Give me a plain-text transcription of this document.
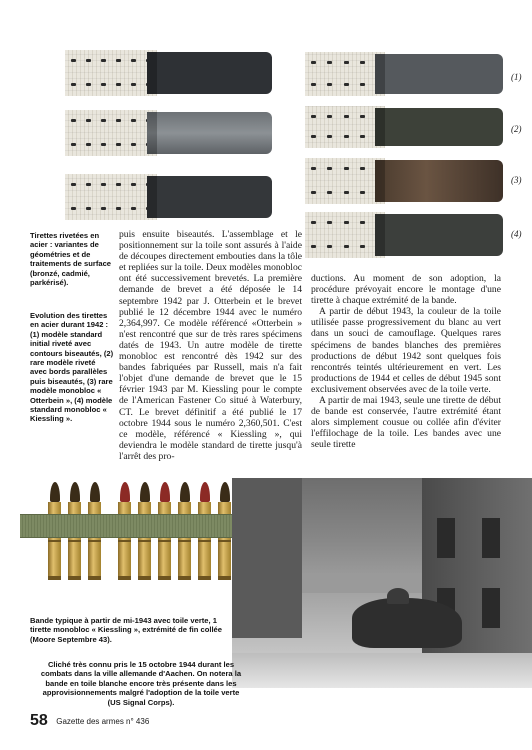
(1)
(2)
(3)
(4)
Tirettes rivetées en acier : variantes de géométries et de traitements de surface (bronzé, cadmié, parkérisé).
Evolution des tirettes en acier durant 1942 : (1) modèle standard initial riveté avec contours biseautés, (2) rare modèle riveté avec bords parallèles puis biseautés, (3) rare modèle monobloc « Otterbein », (4) modèle standard monobloc « Kiessling ».

puis ensuite biseautés. L'assemblage et le positionnement sur la toile sont assurés à l'aide de découpes directement embouties dans la tôle et repliées sur la toile. Deux modèles monobloc ont été successivement brevetés. La première demande de brevet a été déposée le 14 septembre 1942 par J. Otterbein et le brevet publié le 12 décembre 1944 avec le numéro 2,364,997. Ce modèle référencé «Otterbein » n'est rencontré que sur de très rares spécimens datés de 1943. Un autre modèle de tirette monobloc est rencontré dès 1942 sur des bandes fabriquées par Russell, mais n'a fait l'objet d'une demande de brevet que le 15 février 1943 par M. Kiessling pour le compte de l'American Fastener Co situé à Waterbury, CT. Le brevet définitif a été publié le 17 octobre 1944 sous le numéro 2,360,501. C'est ce modèle, référencé « Kiessling », qui deviendra le modèle standard de tirette jusqu'à l'arrêt des pro-

ductions. Au moment de son adoption, la procédure prévoyait encore le montage d'une tirette à chaque extrémité de la bande.

A partir de début 1943, la couleur de la toile utilisée passe progressivement du blanc au vert dans un souci de camouflage. Quelques rares spécimens de bandes blanches des premières productions de début 1942 sont quelques fois rencontrés teintés ultérieurement en vert. Les productions de 1944 et celles de début 1945 sont exclusivement observées avec de la toile verte.

A partir de mai 1943, seule une tirette de début de bande est conservée, l'autre extrémité étant alors simplement cousue ou collée afin d'éviter l'effilochage de la toile. Les bandes avec une seule tirette

Bande typique à partir de mi-1943 avec toile verte, 1 tirette monobloc « Kiessling », extrémité de fin collée (Moore Septembre 43).
Cliché très connu pris le 15 octobre 1944 durant les combats dans la ville allemande d'Aachen. On notera la bande en toile blanche encore très présente dans les approvisionnements malgré l'adoption de la toile verte (US Signal Corps).
58 Gazette des armes n° 436
